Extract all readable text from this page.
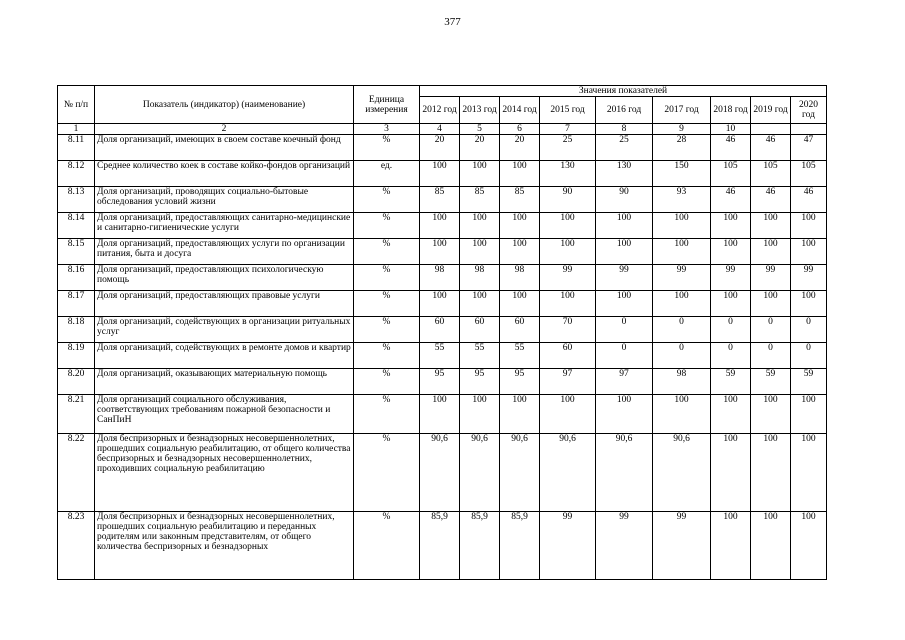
377
№ п/п	Показатель (индикатор) (наименование)	Единица измерения	Значения показателей								
			2012 год	2013 год	2014 год	2015 год	2016 год	2017 год	2018 год	2019 год	2020 год
1	2	3	4	5	6	7	8	9	10		
8.11	Доля организаций, имеющих в своем составе коечный фонд	%	20	20	20	25	25	28	46	46	47
8.12	Среднее количество коек в составе койко-фондов организаций	ед.	100	100	100	130	130	150	105	105	105
8.13	Доля организаций, проводящих социально-бытовые обследования условий жизни	%	85	85	85	90	90	93	46	46	46
8.14	Доля организаций, предоставляющих санитарно-медицинские и санитарно-гигиенические услуги	%	100	100	100	100	100	100	100	100	100
8.15	Доля организаций, предоставляющих услуги по организации питания, быта и досуга	%	100	100	100	100	100	100	100	100	100
8.16	Доля организаций, предоставляющих психологическую помощь	%	98	98	98	99	99	99	99	99	99
8.17	Доля организаций, предоставляющих правовые услуги	%	100	100	100	100	100	100	100	100	100
8.18	Доля организаций, содействующих в организации ритуальных услуг	%	60	60	60	70	0	0	0	0	0
8.19	Доля организаций, содействующих в ремонте домов и квартир	%	55	55	55	60	0	0	0	0	0
8.20	Доля организаций, оказывающих материальную помощь	%	95	95	95	97	97	98	59	59	59
8.21	Доля организаций социального обслуживания, соответствующих требованиям пожарной безопасности и СанПиН	%	100	100	100	100	100	100	100	100	100
8.22	Доля беспризорных и безнадзорных несовершеннолетних, прошедших социальную реабилитацию, от общего количества беспризорных и безнадзорных несовершеннолетних, проходивших социальную реабилитацию	%	90,6	90,6	90,6	90,6	90,6	90,6	100	100	100
8.23	Доля беспризорных и безнадзорных несовершеннолетних, прошедших социальную реабилитацию и переданных родителям или законным представителям, от общего количества беспризорных и безнадзорных	%	85,9	85,9	85,9	99	99	99	100	100	100
